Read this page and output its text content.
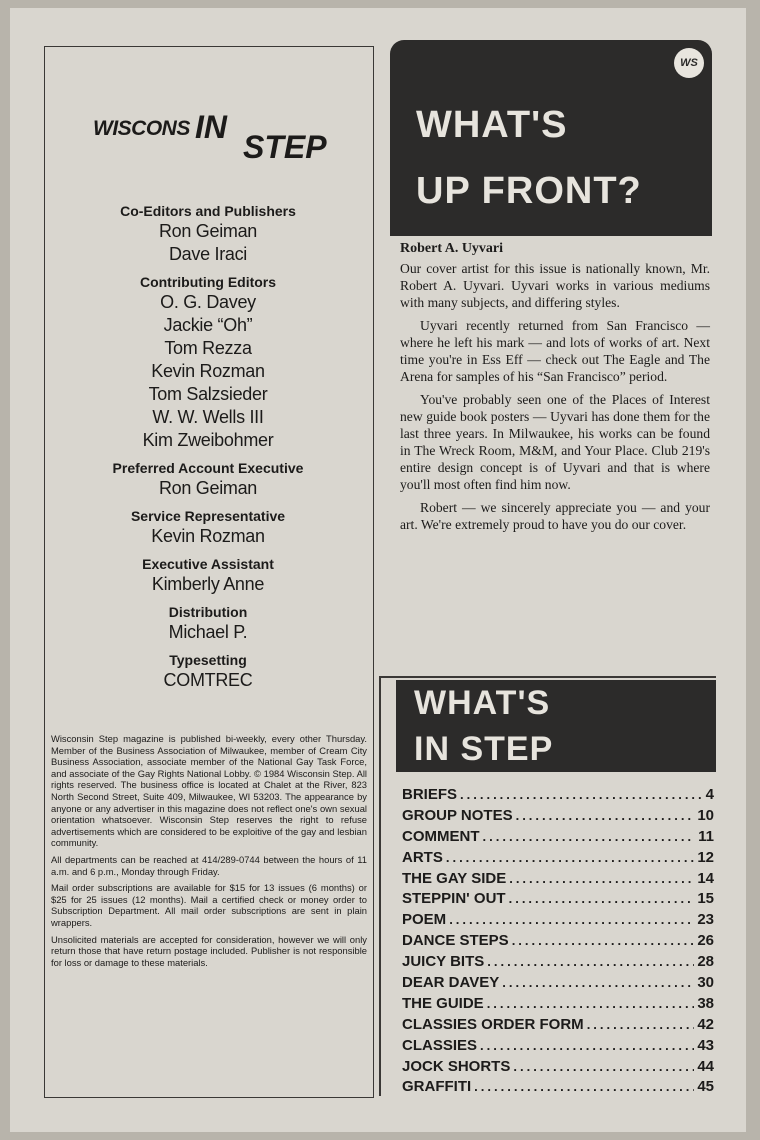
WISCONS IN
STEP
Co-Editors and Publishers
Ron Geiman
Dave Iraci
Contributing Editors
O. G. Davey
Jackie “Oh”
Tom Rezza
Kevin Rozman
Tom Salzsieder
W. W. Wells III
Kim Zweibohmer
Preferred Account Executive
Ron Geiman
Service Representative
Kevin Rozman
Executive Assistant
Kimberly Anne
Distribution
Michael P.
Typesetting
COMTREC

Wisconsin Step magazine is published bi-weekly, every other Thursday. Member of the Business Association of Milwaukee, member of Cream City Business Association, associate member of the National Gay Task Force, and associate of the Gay Rights National Lobby. © 1984 Wisconsin Step. All rights reserved. The business office is located at Chalet at the River, 823 North Second Street, Suite 409, Milwaukee, WI 53203. The appearance by anyone or any advertiser in this magazine does not reflect one's own sexual orientation whatsoever. Wisconsin Step reserves the right to refuse advertisements which are considered to be exploitive of the gay and lesbian community.

All departments can be reached at 414/289-0744 between the hours of 11 a.m. and 6 p.m., Monday through Friday.

Mail order subscriptions are available for $15 for 13 issues (6 months) or $25 for 25 issues (12 months). Mail a certified check or money order to Subscription Department. All mail order subscriptions are sent in plain wrappers.

Unsolicited materials are accepted for consideration, however we will only return those that have return postage included. Publisher is not responsible for loss or damage to these materials.

WS
WHAT'S
UP FRONT?
Robert A. Uyvari

Our cover artist for this issue is nationally known, Mr. Robert A. Uyvari. Uyvari works in various mediums with many subjects, and differing styles.

Uyvari recently returned from San Francisco — where he left his mark — and lots of works of art. Next time you're in Ess Eff — check out The Eagle and The Arena for samples of his “San Francisco” period.

You've probably seen one of the Places of Interest new guide book posters — Uyvari has done them for the last three years. In Milwaukee, his works can be found in The Wreck Room, M&M, and Your Place. Club 219's entire design concept is of Uyvari and that is where you'll most often find him now.

Robert — we sincerely appreciate you — and your art. We're extremely proud to have you do our cover.

WHAT'S
IN STEP
BRIEFS .....	4
GROUP NOTES .....	10
COMMENT .....	11
ARTS .....	12
THE GAY SIDE .....	14
STEPPIN' OUT .....	15
POEM .....	23
DANCE STEPS .....	26
JUICY BITS .....	28
DEAR DAVEY .....	30
THE GUIDE .....	38
CLASSIES ORDER FORM .....	42
CLASSIES .....	43
JOCK SHORTS .....	44
GRAFFITI .....	45
